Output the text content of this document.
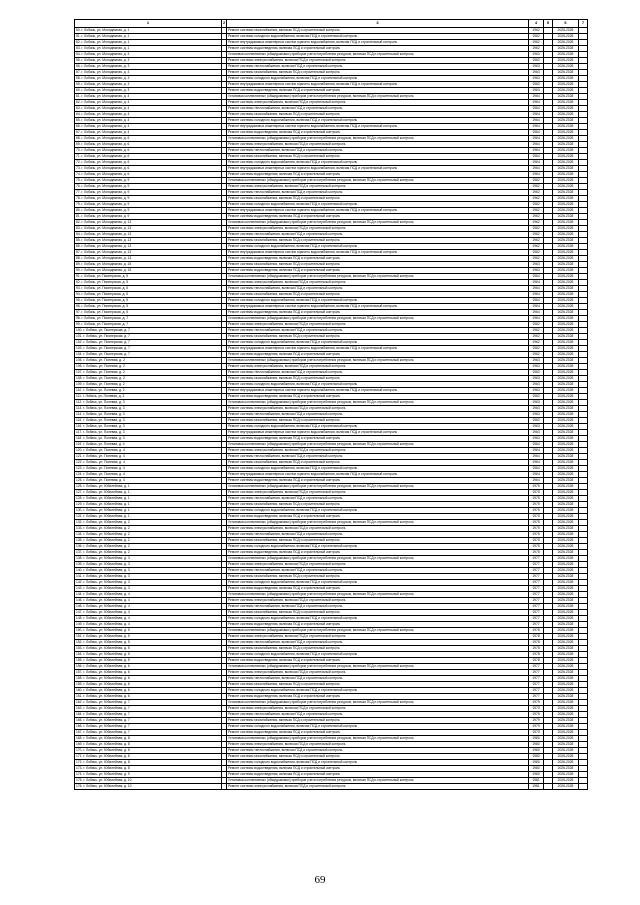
1	2	3	4	5	6	7
50. г. Лобачь, ул. Молодежная, д. 1		Ремонт системы газоснабжения, включая ПСД и строительный контроль	1962		2026-2028	
51. г. Лобачь, ул. Молодежная, д. 1		Ремонт системы холодного водоснабжения, включая ПСД и строительный контроль	1962		2026-2028	
52. г. Лобачь, ул. Молодежная, д. 1		Ремонт внутридомовых инженерных систем горячего водоснабжения, включая ПСД и строительный контроль	1962		2026-2028	
53. г. Лобачь, ул. Молодежная, д. 1		Ремонт системы водоотведения, включая ПСД и строительный контроль	1962		2026-2028	
54. г. Лобачь, ул. Молодежная, д. 3		Установка коллективных (общедомовых) приборов учета потребления ресурсов, включая ПСД и строительный контроль	1963		2026-2028	
55. г. Лобачь, ул. Молодежная, д. 3		Ремонт системы электроснабжения, включая ПСД и строительный контроль	1963		2026-2028	
56. г. Лобачь, ул. Молодежная, д. 3		Ремонт системы теплоснабжения, включая ПСД и строительный контроль	1963		2026-2028	
57. г. Лобачь, ул. Молодежная, д. 3		Ремонт системы газоснабжения, включая ПСД и строительный контроль	1963		2026-2028	
58. г. Лобачь, ул. Молодежная, д. 3		Ремонт системы холодного водоснабжения, включая ПСД и строительный контроль	1963		2026-2028	
59. г. Лобачь, ул. Молодежная, д. 3		Ремонт внутридомовых инженерных систем горячего водоснабжения, включая ПСД и строительный контроль	1963		2026-2028	
60. г. Лобачь, ул. Молодежная, д. 3		Ремонт системы водоотведения, включая ПСД и строительный контроль	1963		2026-2028	
61. г. Лобачь, ул. Молодежная, д. 4		Установка коллективных (общедомовых) приборов учета потребления ресурсов, включая ПСД и строительный контроль	1964		2026-2028	
62. г. Лобачь, ул. Молодежная, д. 4		Ремонт системы электроснабжения, включая ПСД и строительный контроль	1964		2026-2028	
63. г. Лобачь, ул. Молодежная, д. 4		Ремонт системы теплоснабжения, включая ПСД и строительный контроль	1964		2026-2028	
64. г. Лобачь, ул. Молодежная, д. 4		Ремонт системы газоснабжения, включая ПСД и строительный контроль	1964		2026-2028	
65. г. Лобачь, ул. Молодежная, д. 4		Ремонт системы холодного водоснабжения, включая ПСД и строительный контроль	1964		2026-2028	
66. г. Лобачь, ул. Молодежная, д. 4		Ремонт внутридомовых инженерных систем горячего водоснабжения, включая ПСД и строительный контроль	1964		2026-2028	
67. г. Лобачь, ул. Молодежная, д. 4		Ремонт системы водоотведения, включая ПСД и строительный контроль	1964		2026-2028	
68. г. Лобачь, ул. Молодежная, д. 6		Установка коллективных (общедомовых) приборов учета потребления ресурсов, включая ПСД и строительный контроль	1964		2026-2028	
69. г. Лобачь, ул. Молодежная, д. 6		Ремонт системы электроснабжения, включая ПСД и строительный контроль	1964		2026-2028	
70. г. Лобачь, ул. Молодежная, д. 6		Ремонт системы теплоснабжения, включая ПСД и строительный контроль	1964		2026-2028	
71. г. Лобачь, ул. Молодежная, д. 6		Ремонт системы газоснабжения, включая ПСД и строительный контроль	1964		2026-2028	
72. г. Лобачь, ул. Молодежная, д. 6		Ремонт системы холодного водоснабжения, включая ПСД и строительный контроль	1964		2026-2028	
73. г. Лобачь, ул. Молодежная, д. 6		Ремонт внутридомовых инженерных систем горячего водоснабжения, включая ПСД и строительный контроль	1964		2026-2028	
74. г. Лобачь, ул. Молодежная, д. 6		Ремонт системы водоотведения, включая ПСД и строительный контроль	1964		2026-2028	
75. г. Лобачь, ул. Молодежная, д. 9		Установка коллективных (общедомовых) приборов учета потребления ресурсов, включая ПСД и строительный контроль	1962		2026-2028	
76. г. Лобачь, ул. Молодежная, д. 9		Ремонт системы электроснабжения, включая ПСД и строительный контроль	1962		2026-2028	
77. г. Лобачь, ул. Молодежная, д. 9		Ремонт системы теплоснабжения, включая ПСД и строительный контроль	1962		2026-2028	
78. г. Лобачь, ул. Молодежная, д. 9		Ремонт системы газоснабжения, включая ПСД и строительный контроль	1962		2026-2028	
79. г. Лобачь, ул. Молодежная, д. 9		Ремонт системы холодного водоснабжения, включая ПСД и строительный контроль	1962		2026-2028	
80. г. Лобачь, ул. Молодежная, д. 9		Ремонт внутридомовых инженерных систем горячего водоснабжения, включая ПСД и строительный контроль	1962		2026-2028	
81. г. Лобачь, ул. Молодежная, д. 9		Ремонт системы водоотведения, включая ПСД и строительный контроль	1962		2026-2028	
82. г. Лобачь, ул. Молодежная, д. 13		Установка коллективных (общедомовых) приборов учета потребления ресурсов, включая ПСД и строительный контроль	1962		2026-2028	
83. г. Лобачь, ул. Молодежная, д. 13		Ремонт системы электроснабжения, включая ПСД и строительный контроль	1962		2026-2028	
84. г. Лобачь, ул. Молодежная, д. 13		Ремонт системы теплоснабжения, включая ПСД и строительный контроль	1962		2026-2028	
85. г. Лобачь, ул. Молодежная, д. 13		Ремонт системы газоснабжения, включая ПСД и строительный контроль	1962		2026-2028	
86. г. Лобачь, ул. Молодежная, д. 13		Ремонт системы холодного водоснабжения, включая ПСД и строительный контроль	1962		2026-2028	
87. г. Лобачь, ул. Молодежная, д. 13		Ремонт внутридомовых инженерных систем горячего водоснабжения, включая ПСД и строительный контроль	1962		2026-2028	
88. г. Лобачь, ул. Молодежная, д. 13		Ремонт системы водоотведения, включая ПСД и строительный контроль	1962		2026-2028	
89. г. Лобачь, ул. Молодежная, д. 15		Ремонт системы газоснабжения, включая ПСД и строительный контроль	1963		2026-2028	
90. г. Лобачь, ул. Молодежная, д. 15		Ремонт системы водоотведения, включая ПСД и строительный контроль	1963		2026-2028	
91. г. Лобачь, ул. Пионерская, д. 5		Установка коллективных (общедомовых) приборов учета потребления ресурсов, включая ПСД и строительный контроль	1964		2026-2028	
92. г. Лобачь, ул. Пионерская, д. 5		Ремонт системы электроснабжения, включая ПСД и строительный контроль	1964		2026-2028	
93. г. Лобачь, ул. Пионерская, д. 5		Ремонт системы теплоснабжения, включая ПСД и строительный контроль	1964		2026-2028	
94. г. Лобачь, ул. Пионерская, д. 5		Ремонт системы газоснабжения, включая ПСД и строительный контроль	1964		2026-2028	
95. г. Лобачь, ул. Пионерская, д. 5		Ремонт системы холодного водоснабжения, включая ПСД и строительный контроль	1964		2026-2028	
96. г. Лобачь, ул. Пионерская, д. 5		Ремонт внутридомовых инженерных систем горячего водоснабжения, включая ПСД и строительный контроль	1964		2026-2028	
97. г. Лобачь, ул. Пионерская, д. 5		Ремонт системы водоотведения, включая ПСД и строительный контроль	1964		2026-2028	
98. г. Лобачь, ул. Пионерская, д. 7		Установка коллективных (общедомовых) приборов учета потребления ресурсов, включая ПСД и строительный контроль	1964		2026-2028	
99. г. Лобачь, ул. Пионерская, д. 7		Ремонт системы электроснабжения, включая ПСД и строительный контроль	1962		2026-2028	
100. г. Лобачь, ул. Пионерская, д. 7		Ремонт системы теплоснабжения, включая ПСД и строительный контроль	1962		2026-2028	
101. г. Лобачь, ул. Пионерская, д. 7		Ремонт системы газоснабжения, включая ПСД и строительный контроль	1962		2026-2028	
102. г. Лобачь, ул. Пионерская, д. 7		Ремонт системы холодного водоснабжения, включая ПСД и строительный контроль	1962		2026-2028	
103. г. Лобачь, ул. Пионерская, д. 7		Ремонт внутридомовых инженерных систем горячего водоснабжения, включая ПСД и строительный контроль	1962		2026-2028	
104. г. Лобачь, ул. Пионерская, д. 7		Ремонт системы водоотведения, включая ПСД и строительный контроль	1962		2026-2028	
105. г. Лобачь, ул. Полевая, д. 2		Установка коллективных (общедомовых) приборов учета потребления ресурсов, включая ПСД и строительный контроль	1963		2026-2028	
106. г. Лобачь, ул. Полевая, д. 2		Ремонт системы электроснабжения, включая ПСД и строительный контроль	1963		2026-2028	
107. г. Лобачь, ул. Полевая, д. 2		Ремонт системы теплоснабжения, включая ПСД и строительный контроль	1963		2026-2028	
108. г. Лобачь, ул. Полевая, д. 2		Ремонт системы газоснабжения, включая ПСД и строительный контроль	1963		2026-2028	
109. г. Лобачь, ул. Полевая, д. 2		Ремонт системы холодного водоснабжения, включая ПСД и строительный контроль	1963		2026-2028	
110. г. Лобачь, ул. Полевая, д. 2		Ремонт внутридомовых инженерных систем горячего водоснабжения, включая ПСД и строительный контроль	1963		2026-2028	
111. г. Лобачь, ул. Полевая, д. 2		Ремонт системы водоотведения, включая ПСД и строительный контроль	1963		2026-2028	
112. г. Лобачь, ул. Полевая, д. 3		Установка коллективных (общедомовых) приборов учета потребления ресурсов, включая ПСД и строительный контроль	1963		2026-2028	
113. г. Лобачь, ул. Полевая, д. 3		Ремонт системы электроснабжения, включая ПСД и строительный контроль	1963		2026-2028	
114. г. Лобачь, ул. Полевая, д. 3		Ремонт системы теплоснабжения, включая ПСД и строительный контроль	1963		2026-2028	
115. г. Лобачь, ул. Полевая, д. 3		Ремонт системы газоснабжения, включая ПСД и строительный контроль	1963		2026-2028	
116. г. Лобачь, ул. Полевая, д. 3		Ремонт системы холодного водоснабжения, включая ПСД и строительный контроль	1963		2026-2028	
117. г. Лобачь, ул. Полевая, д. 3		Ремонт внутридомовых инженерных систем горячего водоснабжения, включая ПСД и строительный контроль	1963		2026-2028	
118. г. Лобачь, ул. Полевая, д. 3		Ремонт системы водоотведения, включая ПСД и строительный контроль	1963		2026-2028	
119. г. Лобачь, ул. Полевая, д. 4		Установка коллективных (общедомовых) приборов учета потребления ресурсов, включая ПСД и строительный контроль	1964		2026-2028	
120. г. Лобачь, ул. Полевая, д. 4		Ремонт системы электроснабжения, включая ПСД и строительный контроль	1964		2026-2028	
121. г. Лобачь, ул. Полевая, д. 4		Ремонт системы теплоснабжения, включая ПСД и строительный контроль	1964		2026-2028	
122. г. Лобачь, ул. Полевая, д. 4		Ремонт системы газоснабжения, включая ПСД и строительный контроль	1964		2026-2028	
123. г. Лобачь, ул. Полевая, д. 4		Ремонт системы холодного водоснабжения, включая ПСД и строительный контроль	1964		2026-2028	
124. г. Лобачь, ул. Полевая, д. 4		Ремонт внутридомовых инженерных систем горячего водоснабжения, включая ПСД и строительный контроль	1964		2026-2028	
125. г. Лобачь, ул. Полевая, д. 4		Ремонт системы водоотведения, включая ПСД и строительный контроль	1964		2026-2028	
126. г. Лобачь, ул. Юбилейная, д. 1		Установка коллективных (общедомовых) приборов учета потребления ресурсов, включая ПСД и строительный контроль	1975		2026-2028	
127. г. Лобачь, ул. Юбилейная, д. 1		Ремонт системы электроснабжения, включая ПСД и строительный контроль	1975		2026-2028	
128. г. Лобачь, ул. Юбилейная, д. 1		Ремонт системы теплоснабжения, включая ПСД и строительный контроль	1975		2026-2028	
129. г. Лобачь, ул. Юбилейная, д. 1		Ремонт системы газоснабжения, включая ПСД и строительный контроль	1975		2026-2028	
130. г. Лобачь, ул. Юбилейная, д. 1		Ремонт системы холодного водоснабжения, включая ПСД и строительный контроль	1975		2026-2028	
131. г. Лобачь, ул. Юбилейная, д. 1		Ремонт системы водоотведения, включая ПСД и строительный контроль	1975		2026-2028	
132. г. Лобачь, ул. Юбилейная, д. 2		Установка коллективных (общедомовых) приборов учета потребления ресурсов, включая ПСД и строительный контроль	1975		2026-2028	
133. г. Лобачь, ул. Юбилейная, д. 2		Ремонт системы электроснабжения, включая ПСД и строительный контроль	1975		2026-2028	
134. г. Лобачь, ул. Юбилейная, д. 2		Ремонт системы теплоснабжения, включая ПСД и строительный контроль	1975		2026-2028	
135. г. Лобачь, ул. Юбилейная, д. 2		Ремонт системы газоснабжения, включая ПСД и строительный контроль	1975		2026-2028	
136. г. Лобачь, ул. Юбилейная, д. 2		Ремонт системы холодного водоснабжения, включая ПСД и строительный контроль	1975		2026-2028	
137. г. Лобачь, ул. Юбилейная, д. 2		Ремонт системы водоотведения, включая ПСД и строительный контроль	1975		2026-2028	
138. г. Лобачь, ул. Юбилейная, д. 3		Установка коллективных (общедомовых) приборов учета потребления ресурсов, включая ПСД и строительный контроль	1977		2026-2028	
139. г. Лобачь, ул. Юбилейная, д. 3		Ремонт системы электроснабжения, включая ПСД и строительный контроль	1977		2026-2028	
140. г. Лобачь, ул. Юбилейная, д. 3		Ремонт системы теплоснабжения, включая ПСД и строительный контроль	1977		2026-2028	
141. г. Лобачь, ул. Юбилейная, д. 3		Ремонт системы газоснабжения, включая ПСД и строительный контроль	1977		2026-2028	
142. г. Лобачь, ул. Юбилейная, д. 3		Ремонт системы холодного водоснабжения, включая ПСД и строительный контроль	1977		2026-2028	
143. г. Лобачь, ул. Юбилейная, д. 3		Ремонт системы водоотведения, включая ПСД и строительный контроль	1977		2026-2028	
144. г. Лобачь, ул. Юбилейная, д. 4		Установка коллективных (общедомовых) приборов учета потребления ресурсов, включая ПСД и строительный контроль	1977		2026-2028	
145. г. Лобачь, ул. Юбилейная, д. 4		Ремонт системы электроснабжения, включая ПСД и строительный контроль	1977		2026-2028	
146. г. Лобачь, ул. Юбилейная, д. 4		Ремонт системы теплоснабжения, включая ПСД и строительный контроль	1977		2026-2028	
147. г. Лобачь, ул. Юбилейная, д. 4		Ремонт системы газоснабжения, включая ПСД и строительный контроль	1977		2026-2028	
148. г. Лобачь, ул. Юбилейная, д. 4		Ремонт системы холодного водоснабжения, включая ПСД и строительный контроль	1977		2026-2028	
149. г. Лобачь, ул. Юбилейная, д. 4		Ремонт системы водоотведения, включая ПСД и строительный контроль	1977		2026-2028	
150. г. Лобачь, ул. Юбилейная, д. 5		Установка коллективных (общедомовых) приборов учета потребления ресурсов, включая ПСД и строительный контроль	1978		2026-2028	
151. г. Лобачь, ул. Юбилейная, д. 5		Ремонт системы электроснабжения, включая ПСД и строительный контроль	1978		2026-2028	
152. г. Лобачь, ул. Юбилейная, д. 5		Ремонт системы теплоснабжения, включая ПСД и строительный контроль	1978		2026-2028	
153. г. Лобачь, ул. Юбилейная, д. 5		Ремонт системы газоснабжения, включая ПСД и строительный контроль	1978		2026-2028	
154. г. Лобачь, ул. Юбилейная, д. 5		Ремонт системы холодного водоснабжения, включая ПСД и строительный контроль	1978		2026-2028	
155. г. Лобачь, ул. Юбилейная, д. 5		Ремонт системы водоотведения, включая ПСД и строительный контроль	1978		2026-2028	
156. г. Лобачь, ул. Юбилейная, д. 6		Установка коллективных (общедомовых) приборов учета потребления ресурсов, включая ПСД и строительный контроль	1977		2026-2028	
157. г. Лобачь, ул. Юбилейная, д. 6		Ремонт системы электроснабжения, включая ПСД и строительный контроль	1977		2026-2028	
158. г. Лобачь, ул. Юбилейная, д. 6		Ремонт системы теплоснабжения, включая ПСД и строительный контроль	1977		2026-2028	
159. г. Лобачь, ул. Юбилейная, д. 6		Ремонт системы газоснабжения, включая ПСД и строительный контроль	1977		2026-2028	
160. г. Лобачь, ул. Юбилейная, д. 6		Ремонт системы холодного водоснабжения, включая ПСД и строительный контроль	1977		2026-2028	
161. г. Лобачь, ул. Юбилейная, д. 6		Ремонт системы водоотведения, включая ПСД и строительный контроль	1977		2026-2028	
162. г. Лобачь, ул. Юбилейная, д. 7		Установка коллективных (общедомовых) приборов учета потребления ресурсов, включая ПСД и строительный контроль	1979		2026-2028	
163. г. Лобачь, ул. Юбилейная, д. 7		Ремонт системы электроснабжения, включая ПСД и строительный контроль	1979		2026-2028	
164. г. Лобачь, ул. Юбилейная, д. 7		Ремонт системы теплоснабжения, включая ПСД и строительный контроль	1979		2026-2028	
165. г. Лобачь, ул. Юбилейная, д. 7		Ремонт системы газоснабжения, включая ПСД и строительный контроль	1979		2026-2028	
166. г. Лобачь, ул. Юбилейная, д. 7		Ремонт системы холодного водоснабжения, включая ПСД и строительный контроль	1979		2026-2028	
167. г. Лобачь, ул. Юбилейная, д. 7		Ремонт системы водоотведения, включая ПСД и строительный контроль	1979		2026-2028	
168. г. Лобачь, ул. Юбилейная, д. 8		Установка коллективных (общедомовых) приборов учета потребления ресурсов, включая ПСД и строительный контроль	1980		2026-2028	
169. г. Лобачь, ул. Юбилейная, д. 8		Ремонт системы электроснабжения, включая ПСД и строительный контроль	1980		2026-2028	
170. г. Лобачь, ул. Юбилейная, д. 8		Ремонт системы теплоснабжения, включая ПСД и строительный контроль	1980		2026-2028	
171. г. Лобачь, ул. Юбилейная, д. 8		Ремонт системы газоснабжения, включая ПСД и строительный контроль	1980		2026-2028	
172. г. Лобачь, ул. Юбилейная, д. 8		Ремонт системы холодного водоснабжения, включая ПСД и строительный контроль	1980		2026-2028	
173. г. Лобачь, ул. Юбилейная, д. 8		Ремонт системы водоотведения, включая ПСД и строительный контроль	1980		2026-2028	
174. г. Лобачь, ул. Юбилейная, д. 9		Ремонт системы водоотведения, включая ПСД и строительный контроль	1980		2026-2028	
175. г. Лобачь, ул. Юбилейная, д. 10		Установка коллективных (общедомовых) приборов учета потребления ресурсов, включая ПСД и строительный контроль	1981		2026-2028	
176. г. Лобачь, ул. Юбилейная, д. 10		Ремонт системы электроснабжения, включая ПСД и строительный контроль	1981		2026-2028	
69
